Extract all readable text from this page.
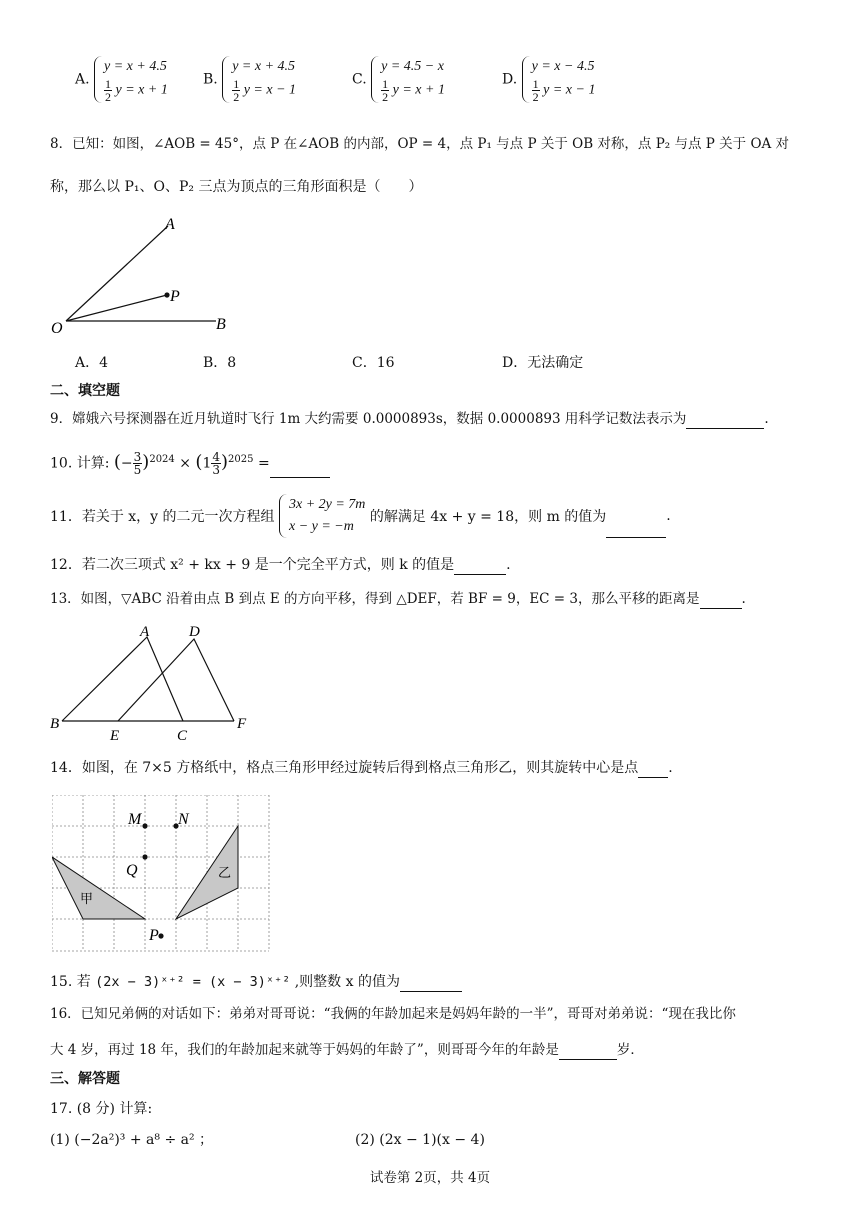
A.
y = x + 4.5
$\frac{1}{2}$ y = x + 1
B.
y = x + 4.5
$\frac{1}{2}$ y = x − 1
C.
y = 4.5 − x
$\frac{1}{2}$ y = x + 1
D.
y = x − 4.5
$\frac{1}{2}$ y = x − 1
8．已知：如图，∠AOB = 45°，点 P 在∠AOB 的内部，OP = 4，点 P₁ 与点 P 关于 OB 对称，点 P₂ 与点 P 关于 OA 对
称，那么以 P₁、O、P₂ 三点为顶点的三角形面积是（　　）
A
P
O	B
A．4	B．8	C．16	D．无法确定
二、填空题
9．嫦娥六号探测器在近月轨道时飞行 1m 大约需要 0.0000893s，数据 0.0000893 用科学记数法表示为	.
10. 计算: (− $\frac{3}{5} )^{2024} \times (1 \frac{4}{3} )^{2025}$ =
11．若关于 x，y 的二元一次方程组
3x + 2y = 7m
x − y = −m
的解满足 4x + y = 18，则 m 的值为	.
12．若二次三项式 x² + kx + 9 是一个完全平方式，则 k 的值是	.
13．如图，▽ABC 沿着由点 B 到点 E 的方向平移，得到 △DEF，若 BF = 9，EC = 3，那么平移的距离是	.
A	D
B
E	C
F
14．如图，在 7×5 方格纸中，格点三角形甲经过旋转后得到格点三角形乙，则其旋转中心是点 .
M N
Q
P
甲
乙
15. 若 (2x − 3)ˣ⁺² = (x − 3)ˣ⁺² ,则整数 x 的值为
16．已知兄弟俩的对话如下：弟弟对哥哥说：“我俩的年龄加起来是妈妈年龄的一半”，哥哥对弟弟说：“现在我比你
大 4 岁，再过 18 年，我们的年龄加起来就等于妈妈的年龄了”，则哥哥今年的年龄是	岁．
三、解答题
17. (8 分) 计算:
(1) (−2a²)³ + a⁸ ÷ a² ；	(2) (2x − 1)(x − 4)
试卷第 2页，共 4页
